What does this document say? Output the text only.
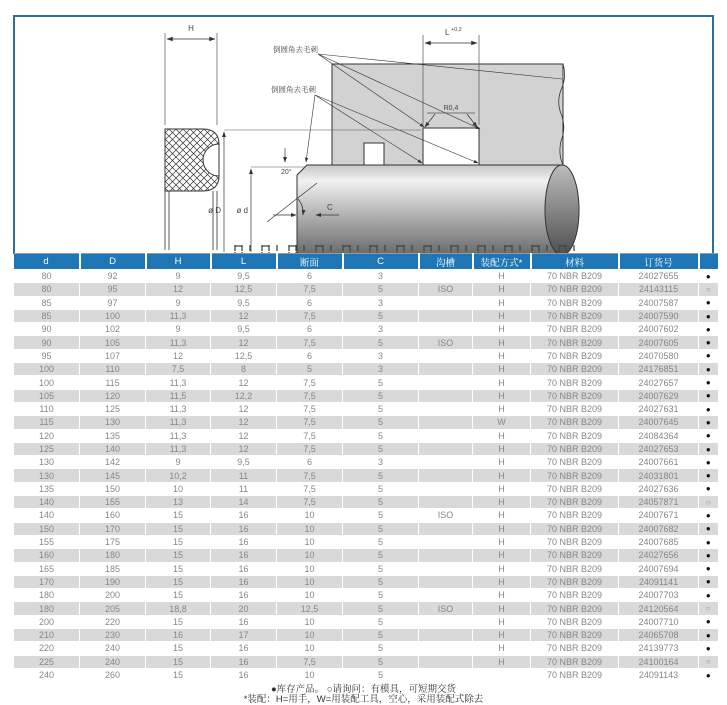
H	L +0,2
R0,4
倒圆角去毛刺
倒圆角去毛刺
20°
ø D ø d	C
d	D	H	L	断面	C	沟槽	装配方式*	材料	订货号	
80	92	9	9,5	6	3		H	70 NBR B209	24027655	●
80	95	12	12,5	7,5	5	ISO	H	70 NBR B209	24143115	○
85	97	9	9,5	6	3		H	70 NBR B209	24007587	●
85	100	11,3	12	7,5	5		H	70 NBR B209	24007590	●
90	102	9	9,5	6	3		H	70 NBR B209	24007602	●
90	105	11,3	12	7,5	5	ISO	H	70 NBR B209	24007605	●
95	107	12	12,5	6	3		H	70 NBR B209	24070580	●
100	110	7,5	8	5	3		H	70 NBR B209	24176851	●
100	115	11,3	12	7,5	5		H	70 NBR B209	24027657	●
105	120	11,5	12,2	7,5	5		H	70 NBR B209	24007629	●
110	125	11,3	12	7,5	5		H	70 NBR B209	24027631	●
115	130	11,3	12	7,5	5		W	70 NBR B209	24007645	●
120	135	11,3	12	7,5	5		H	70 NBR B209	24084364	●
125	140	11,3	12	7,5	5		H	70 NBR B209	24027653	●
130	142	9	9,5	6	3		H	70 NBR B209	24007661	●
130	145	10,2	11	7,5	5		H	70 NBR B209	24031801	●
135	150	10	11	7,5	5		H	70 NBR B209	24027636	●
140	155	13	14	7,5	5		H	70 NBR B209	24057871	○
140	160	15	16	10	5	ISO	H	70 NBR B209	24007671	●
150	170	15	16	10	5		H	70 NBR B209	24007682	●
155	175	15	16	10	5		H	70 NBR B209	24007685	●
160	180	15	16	10	5		H	70 NBR B209	24027656	●
165	185	15	16	10	5		H	70 NBR B209	24007694	●
170	190	15	16	10	5		H	70 NBR B209	24091141	●
180	200	15	16	10	5		H	70 NBR B209	24007703	●
180	205	18,8	20	12,5	5	ISO	H	70 NBR B209	24120564	○
200	220	15	16	10	5		H	70 NBR B209	24007710	●
210	230	16	17	10	5		H	70 NBR B209	24065708	●
220	240	15	16	10	5		H	70 NBR B209	24139773	●
225	240	15	16	7,5	5		H	70 NBR B209	24100164	○
240	260	15	16	10	5			70 NBR B209	24091143	●
●库存产品。 ○请询问：有模具，可短期交货
*装配：H=用手，W=用装配工具，空心，采用装配式除去
